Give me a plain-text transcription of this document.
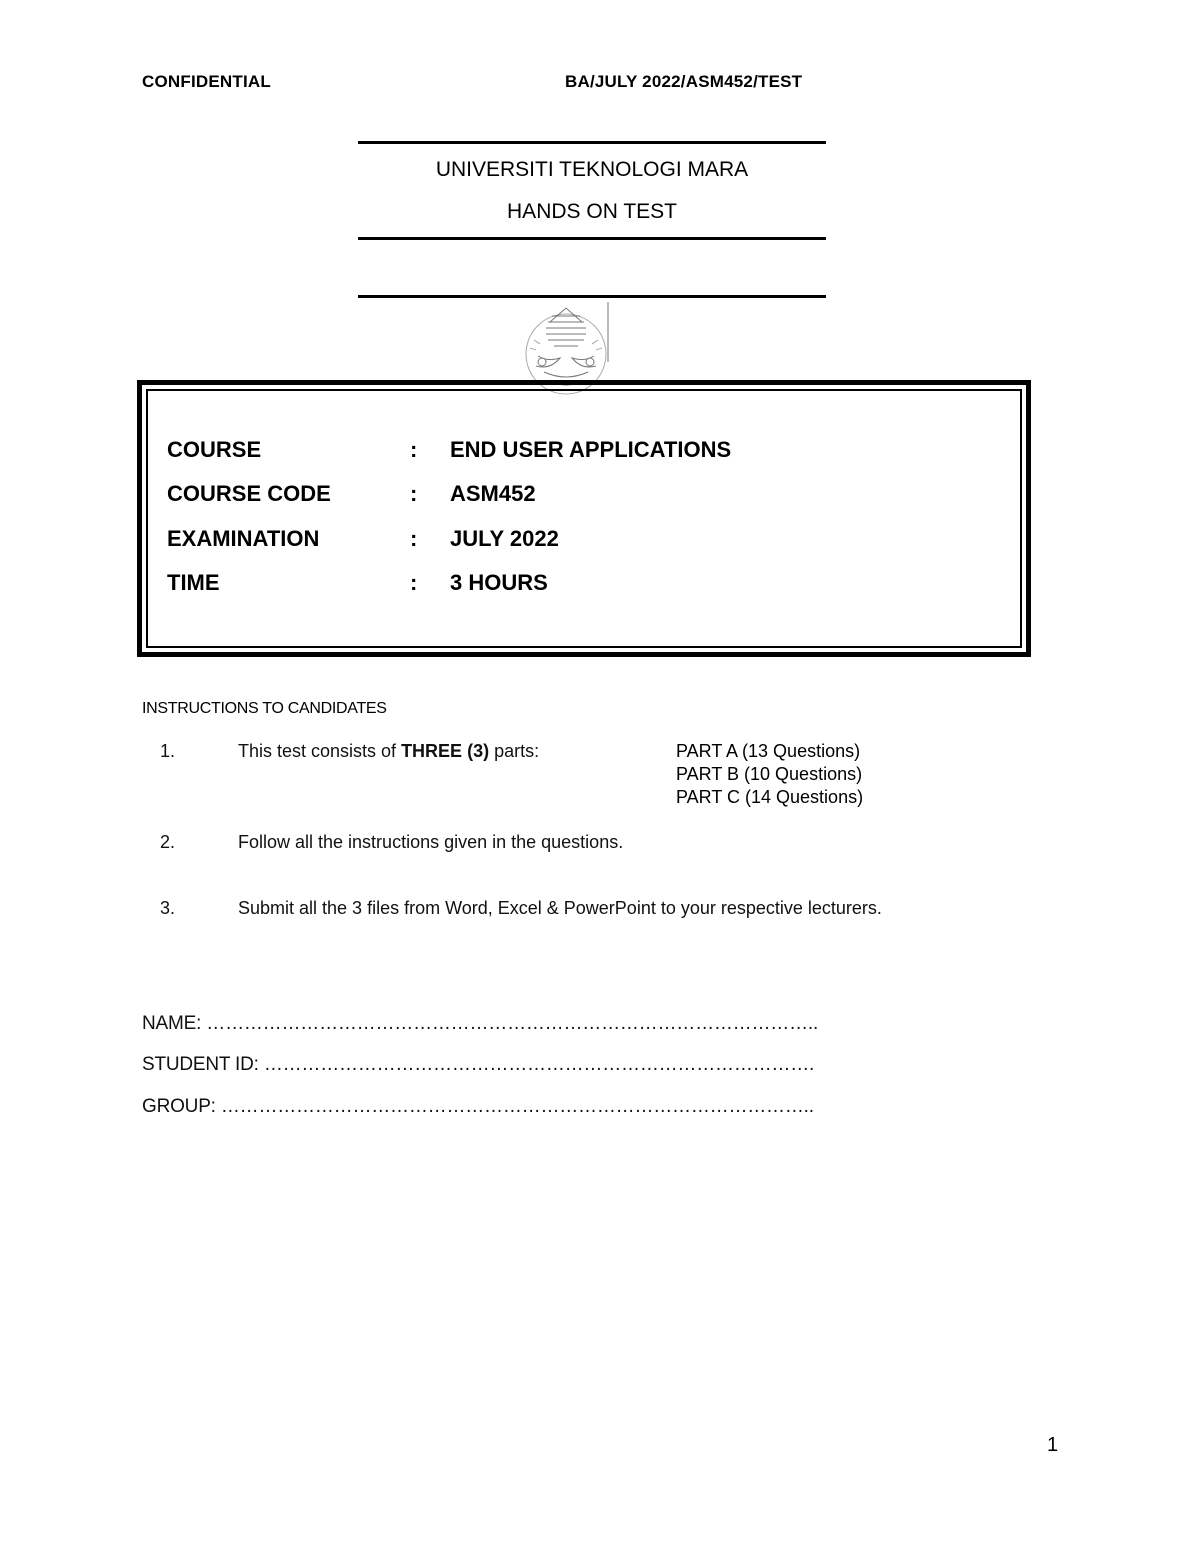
CONFIDENTIAL	BA/JULY 2022/ASM452/TEST
UNIVERSITI TEKNOLOGI MARA
HANDS ON TEST
COURSE	: END USER APPLICATIONS
COURSE CODE	: ASM452
EXAMINATION	: JULY 2022
TIME	: 3 HOURS
INSTRUCTIONS TO CANDIDATES
1.	This test consists of THREE (3) parts:	PART A (13 Questions)
PART B (10 Questions)
PART C (14 Questions)
2.	Follow all the instructions given in the questions.
3.	Submit all the 3 files from Word, Excel & PowerPoint to your respective lecturers.
NAME: ……………………………………………………………………………………..
STUDENT ID: …………………………………………………………………………….
GROUP: …………………………………………………………………………………..
1
